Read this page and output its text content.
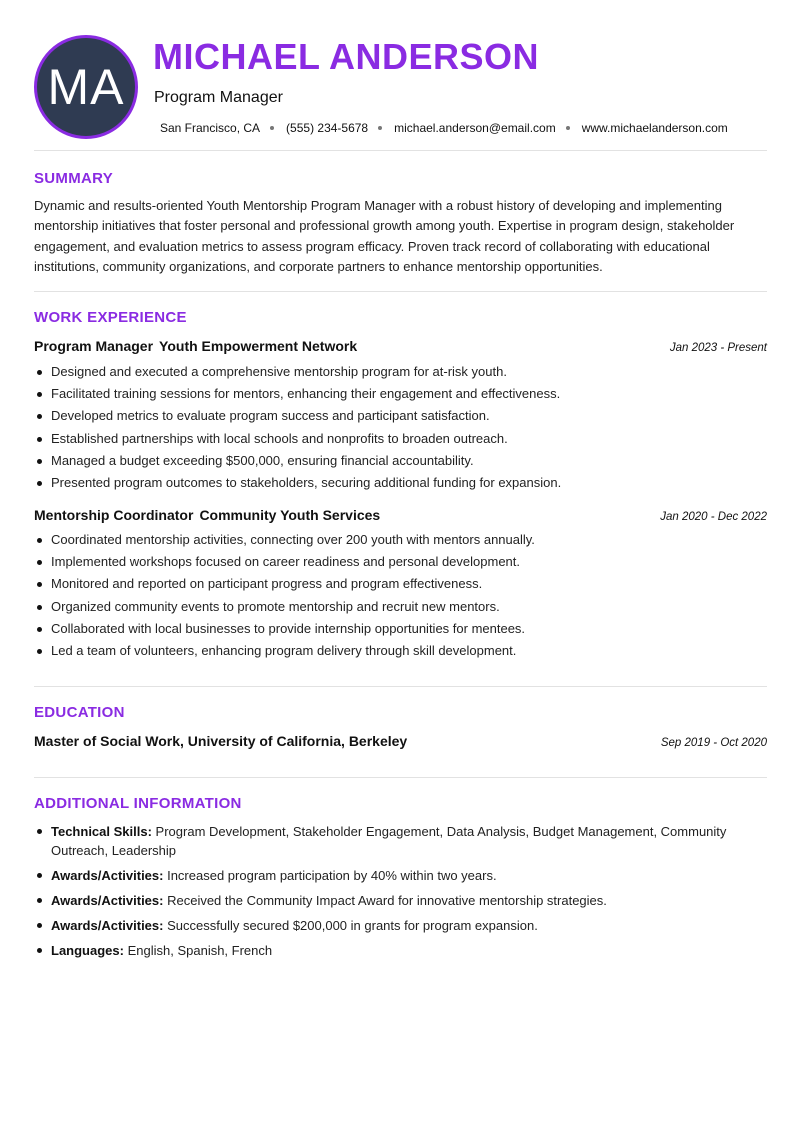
MA
MICHAEL ANDERSON
Program Manager
San Francisco, CA (555) 234-5678 michael.anderson@email.com www.michaelanderson.com
SUMMARY
Dynamic and results-oriented Youth Mentorship Program Manager with a robust history of developing and implementing mentorship initiatives that foster personal and professional growth among youth. Expertise in program design, stakeholder engagement, and evaluation metrics to assess program efficacy. Proven track record of collaborating with educational institutions, community organizations, and corporate partners to enhance mentorship opportunities.
WORK EXPERIENCE
Program Manager Youth Empowerment Network	Jan 2023 - Present
Designed and executed a comprehensive mentorship program for at-risk youth.
Facilitated training sessions for mentors, enhancing their engagement and effectiveness.
Developed metrics to evaluate program success and participant satisfaction.
Established partnerships with local schools and nonprofits to broaden outreach.
Managed a budget exceeding $500,000, ensuring financial accountability.
Presented program outcomes to stakeholders, securing additional funding for expansion.
Mentorship Coordinator Community Youth Services	Jan 2020 - Dec 2022
Coordinated mentorship activities, connecting over 200 youth with mentors annually.
Implemented workshops focused on career readiness and personal development.
Monitored and reported on participant progress and program effectiveness.
Organized community events to promote mentorship and recruit new mentors.
Collaborated with local businesses to provide internship opportunities for mentees.
Led a team of volunteers, enhancing program delivery through skill development.
EDUCATION
Master of Social Work, University of California, Berkeley	Sep 2019 - Oct 2020
ADDITIONAL INFORMATION
Technical Skills: Program Development, Stakeholder Engagement, Data Analysis, Budget Management, Community Outreach, Leadership
Awards/Activities: Increased program participation by 40% within two years.
Awards/Activities: Received the Community Impact Award for innovative mentorship strategies.
Awards/Activities: Successfully secured $200,000 in grants for program expansion.
Languages: English, Spanish, French
